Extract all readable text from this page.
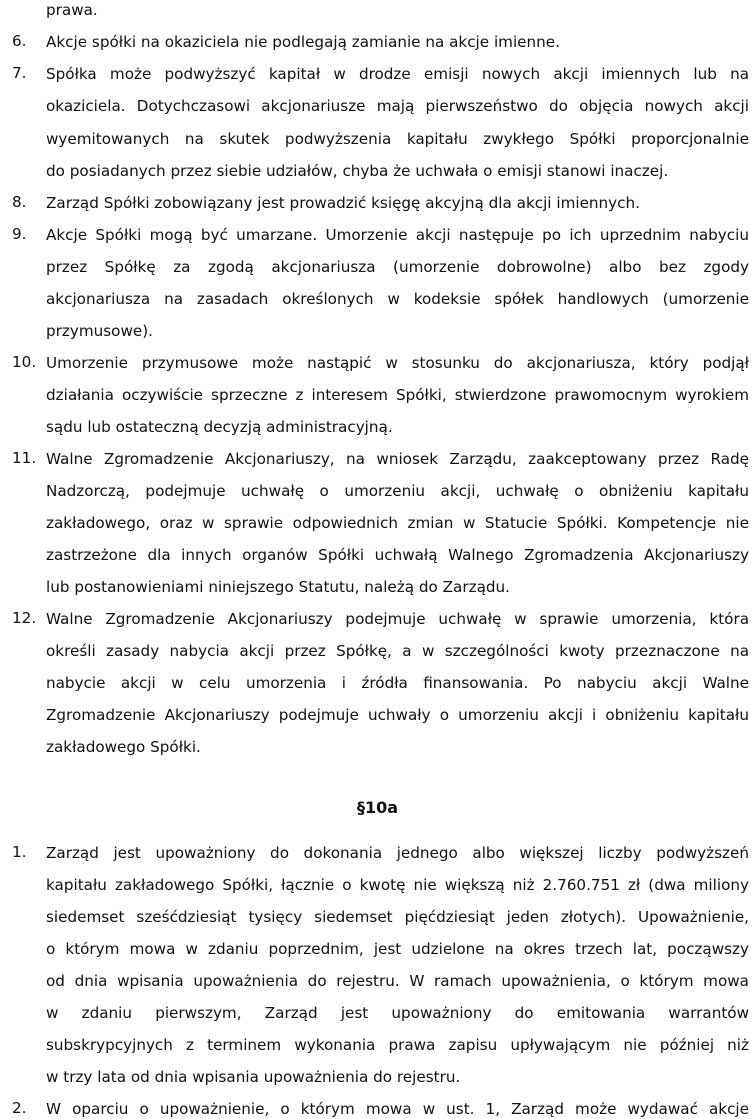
prawa.
6. Akcje spółki na okaziciela nie podlegają zamianie na akcje imienne.
7. Spółka może podwyższyć kapitał w drodze emisji nowych akcji imiennych lub na
okaziciela. Dotychczasowi akcjonariusze mają pierwszeństwo do objęcia nowych akcji
wyemitowanych na skutek podwyższenia kapitału zwykłego Spółki proporcjonalnie
do posiadanych przez siebie udziałów, chyba że uchwała o emisji stanowi inaczej.
8. Zarząd Spółki zobowiązany jest prowadzić księgę akcyjną dla akcji imiennych.
9. Akcje Spółki mogą być umarzane. Umorzenie akcji następuje po ich uprzednim nabyciu
przez Spółkę za zgodą akcjonariusza (umorzenie dobrowolne) albo bez zgody
akcjonariusza na zasadach określonych w kodeksie spółek handlowych (umorzenie
przymusowe).
10. Umorzenie przymusowe może nastąpić w stosunku do akcjonariusza, który podjął
działania oczywiście sprzeczne z interesem Spółki, stwierdzone prawomocnym wyrokiem
sądu lub ostateczną decyzją administracyjną.
11. Walne Zgromadzenie Akcjonariuszy, na wniosek Zarządu, zaakceptowany przez Radę
Nadzorczą, podejmuje uchwałę o umorzeniu akcji, uchwałę o obniżeniu kapitału
zakładowego, oraz w sprawie odpowiednich zmian w Statucie Spółki. Kompetencje nie
zastrzeżone dla innych organów Spółki uchwałą Walnego Zgromadzenia Akcjonariuszy
lub postanowieniami niniejszego Statutu, należą do Zarządu.
12. Walne Zgromadzenie Akcjonariuszy podejmuje uchwałę w sprawie umorzenia, która
określi zasady nabycia akcji przez Spółkę, a w szczególności kwoty przeznaczone na
nabycie akcji w celu umorzenia i źródła finansowania. Po nabyciu akcji Walne
Zgromadzenie Akcjonariuszy podejmuje uchwały o umorzeniu akcji i obniżeniu kapitału
zakładowego Spółki.
§10a
1. Zarząd jest upoważniony do dokonania jednego albo większej liczby podwyższeń
kapitału zakładowego Spółki, łącznie o kwotę nie większą niż 2.760.751 zł (dwa miliony
siedemset sześćdziesiąt tysięcy siedemset pięćdziesiąt jeden złotych). Upoważnienie,
o którym mowa w zdaniu poprzednim, jest udzielone na okres trzech lat, począwszy
od dnia wpisania upoważnienia do rejestru. W ramach upoważnienia, o którym mowa
w zdaniu pierwszym, Zarząd jest upoważniony do emitowania warrantów
subskrypcyjnych z terminem wykonania prawa zapisu upływającym nie później niż
w trzy lata od dnia wpisania upoważnienia do rejestru.
2. W oparciu o upoważnienie, o którym mowa w ust. 1, Zarząd może wydawać akcje
